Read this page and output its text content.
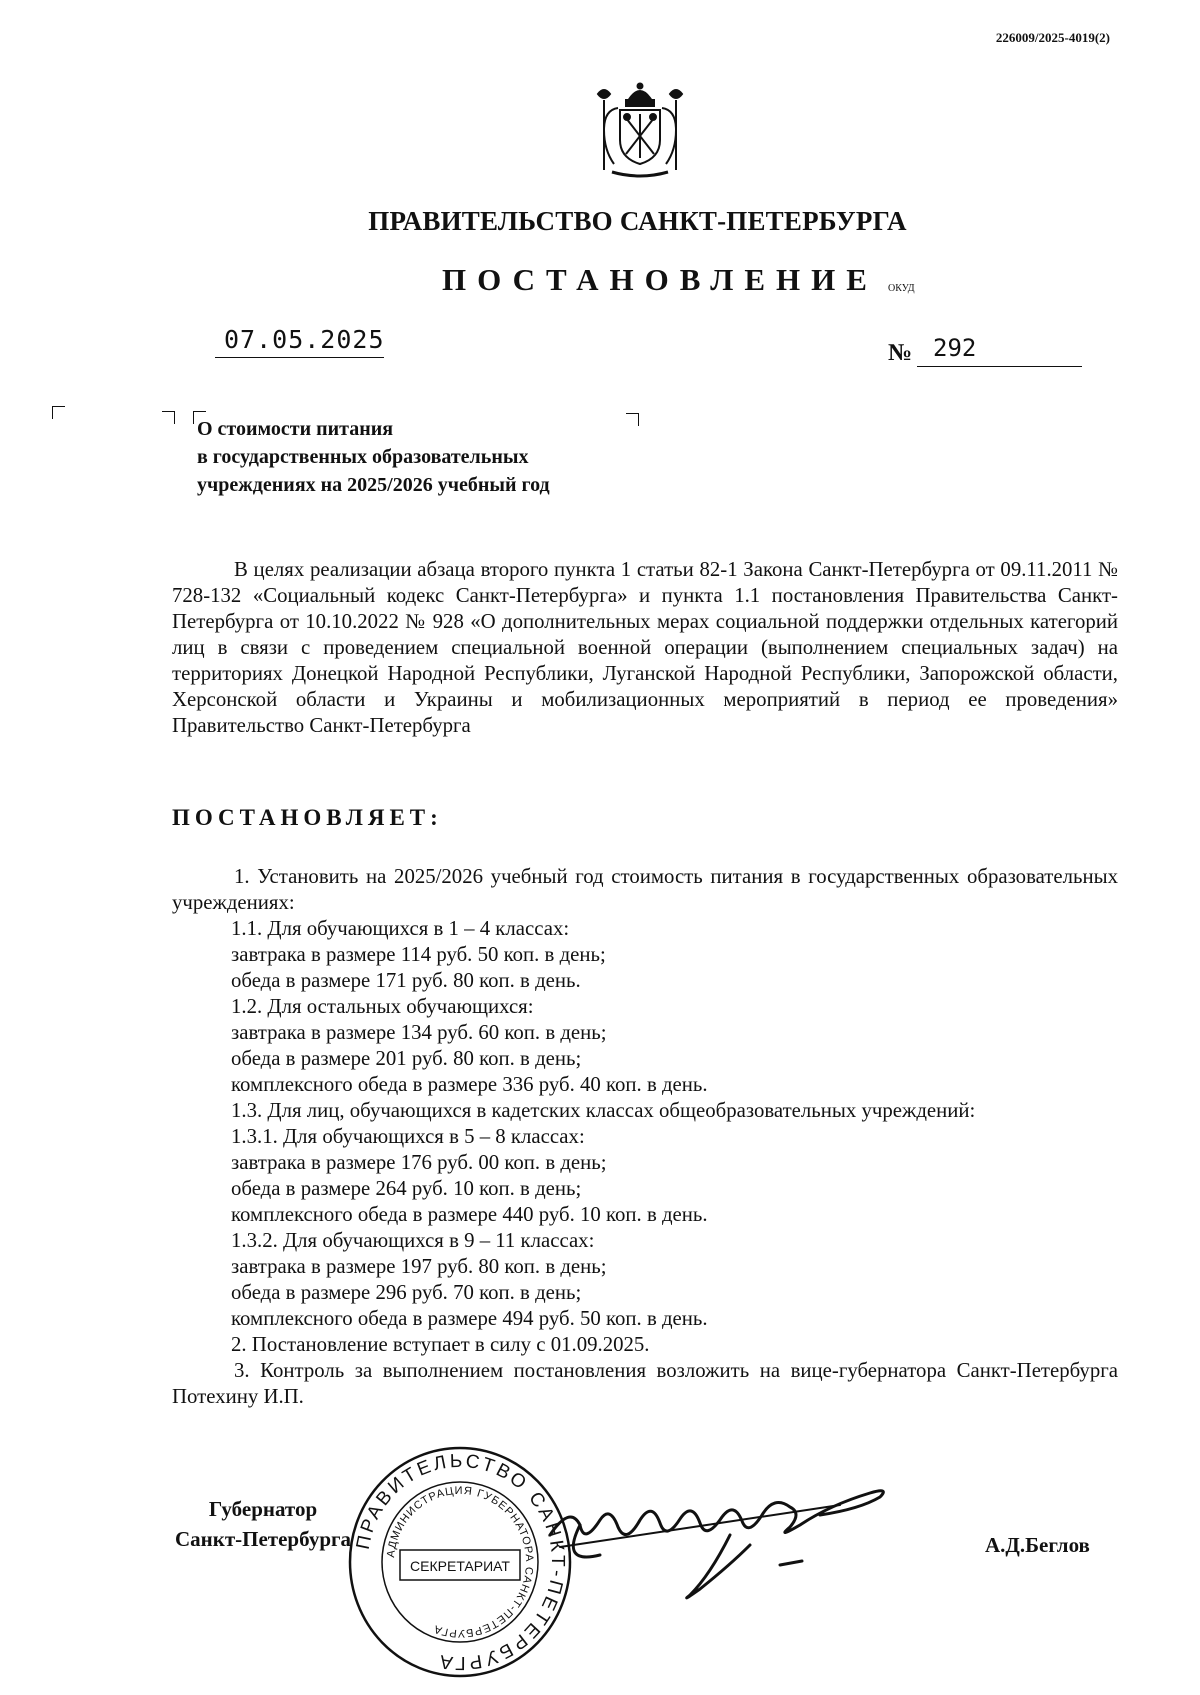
226009/2025-4019(2)
ПРАВИТЕЛЬСТВО САНКТ-ПЕТЕРБУРГА
ПОСТАНОВЛЕНИЕ ОКУД
07.05.2025	№ 292
О стоимости питания
в государственных образовательных
учреждениях на 2025/2026 учебный год

В целях реализации абзаца второго пункта 1 статьи 82-1 Закона Санкт-Петербурга от 09.11.2011 № 728-132 «Социальный кодекс Санкт-Петербурга» и пункта 1.1 постановления Правительства Санкт-Петербурга от 10.10.2022 № 928 «О дополнительных мерах социальной поддержки отдельных категорий лиц в связи с проведением специальной военной операции (выполнением специальных задач) на территориях Донецкой Народной Республики, Луганской Народной Республики, Запорожской области, Херсонской области и Украины и мобилизационных мероприятий в период ее проведения» Правительство Санкт-Петербурга

ПОСТАНОВЛЯЕТ:

1. Установить на 2025/2026 учебный год стоимость питания в государственных образовательных учреждениях:

1.1. Для обучающихся в 1 – 4 классах:

завтрака в размере 114 руб. 50 коп. в день;

обеда в размере 171 руб. 80 коп. в день.

1.2. Для остальных обучающихся:

завтрака в размере 134 руб. 60 коп. в день;

обеда в размере 201 руб. 80 коп. в день;

комплексного обеда в размере 336 руб. 40 коп. в день.

1.3. Для лиц, обучающихся в кадетских классах общеобразовательных учреждений:

1.3.1. Для обучающихся в 5 – 8 классах:

завтрака в размере 176 руб. 00 коп. в день;

обеда в размере 264 руб. 10 коп. в день;

комплексного обеда в размере 440 руб. 10 коп. в день.

1.3.2. Для обучающихся в 9 – 11 классах:

завтрака в размере 197 руб. 80 коп. в день;

обеда в размере 296 руб. 70 коп. в день;

комплексного обеда в размере 494 руб. 50 коп. в день.

2. Постановление вступает в силу с 01.09.2025.

3. Контроль за выполнением постановления возложить на вице-губернатора Санкт-Петербурга Потехину И.П.

Губернатор
Санкт-Петербурга ПРАВИТЕЛЬСТВО САНКТ-ПЕТЕРБУРГА
АДМИНИСТРАЦИЯ ГУБЕРНАТОРА САНКТ-ПЕТЕРБУРГА
СЕКРЕТАРИАТ
А.Д.Беглов
